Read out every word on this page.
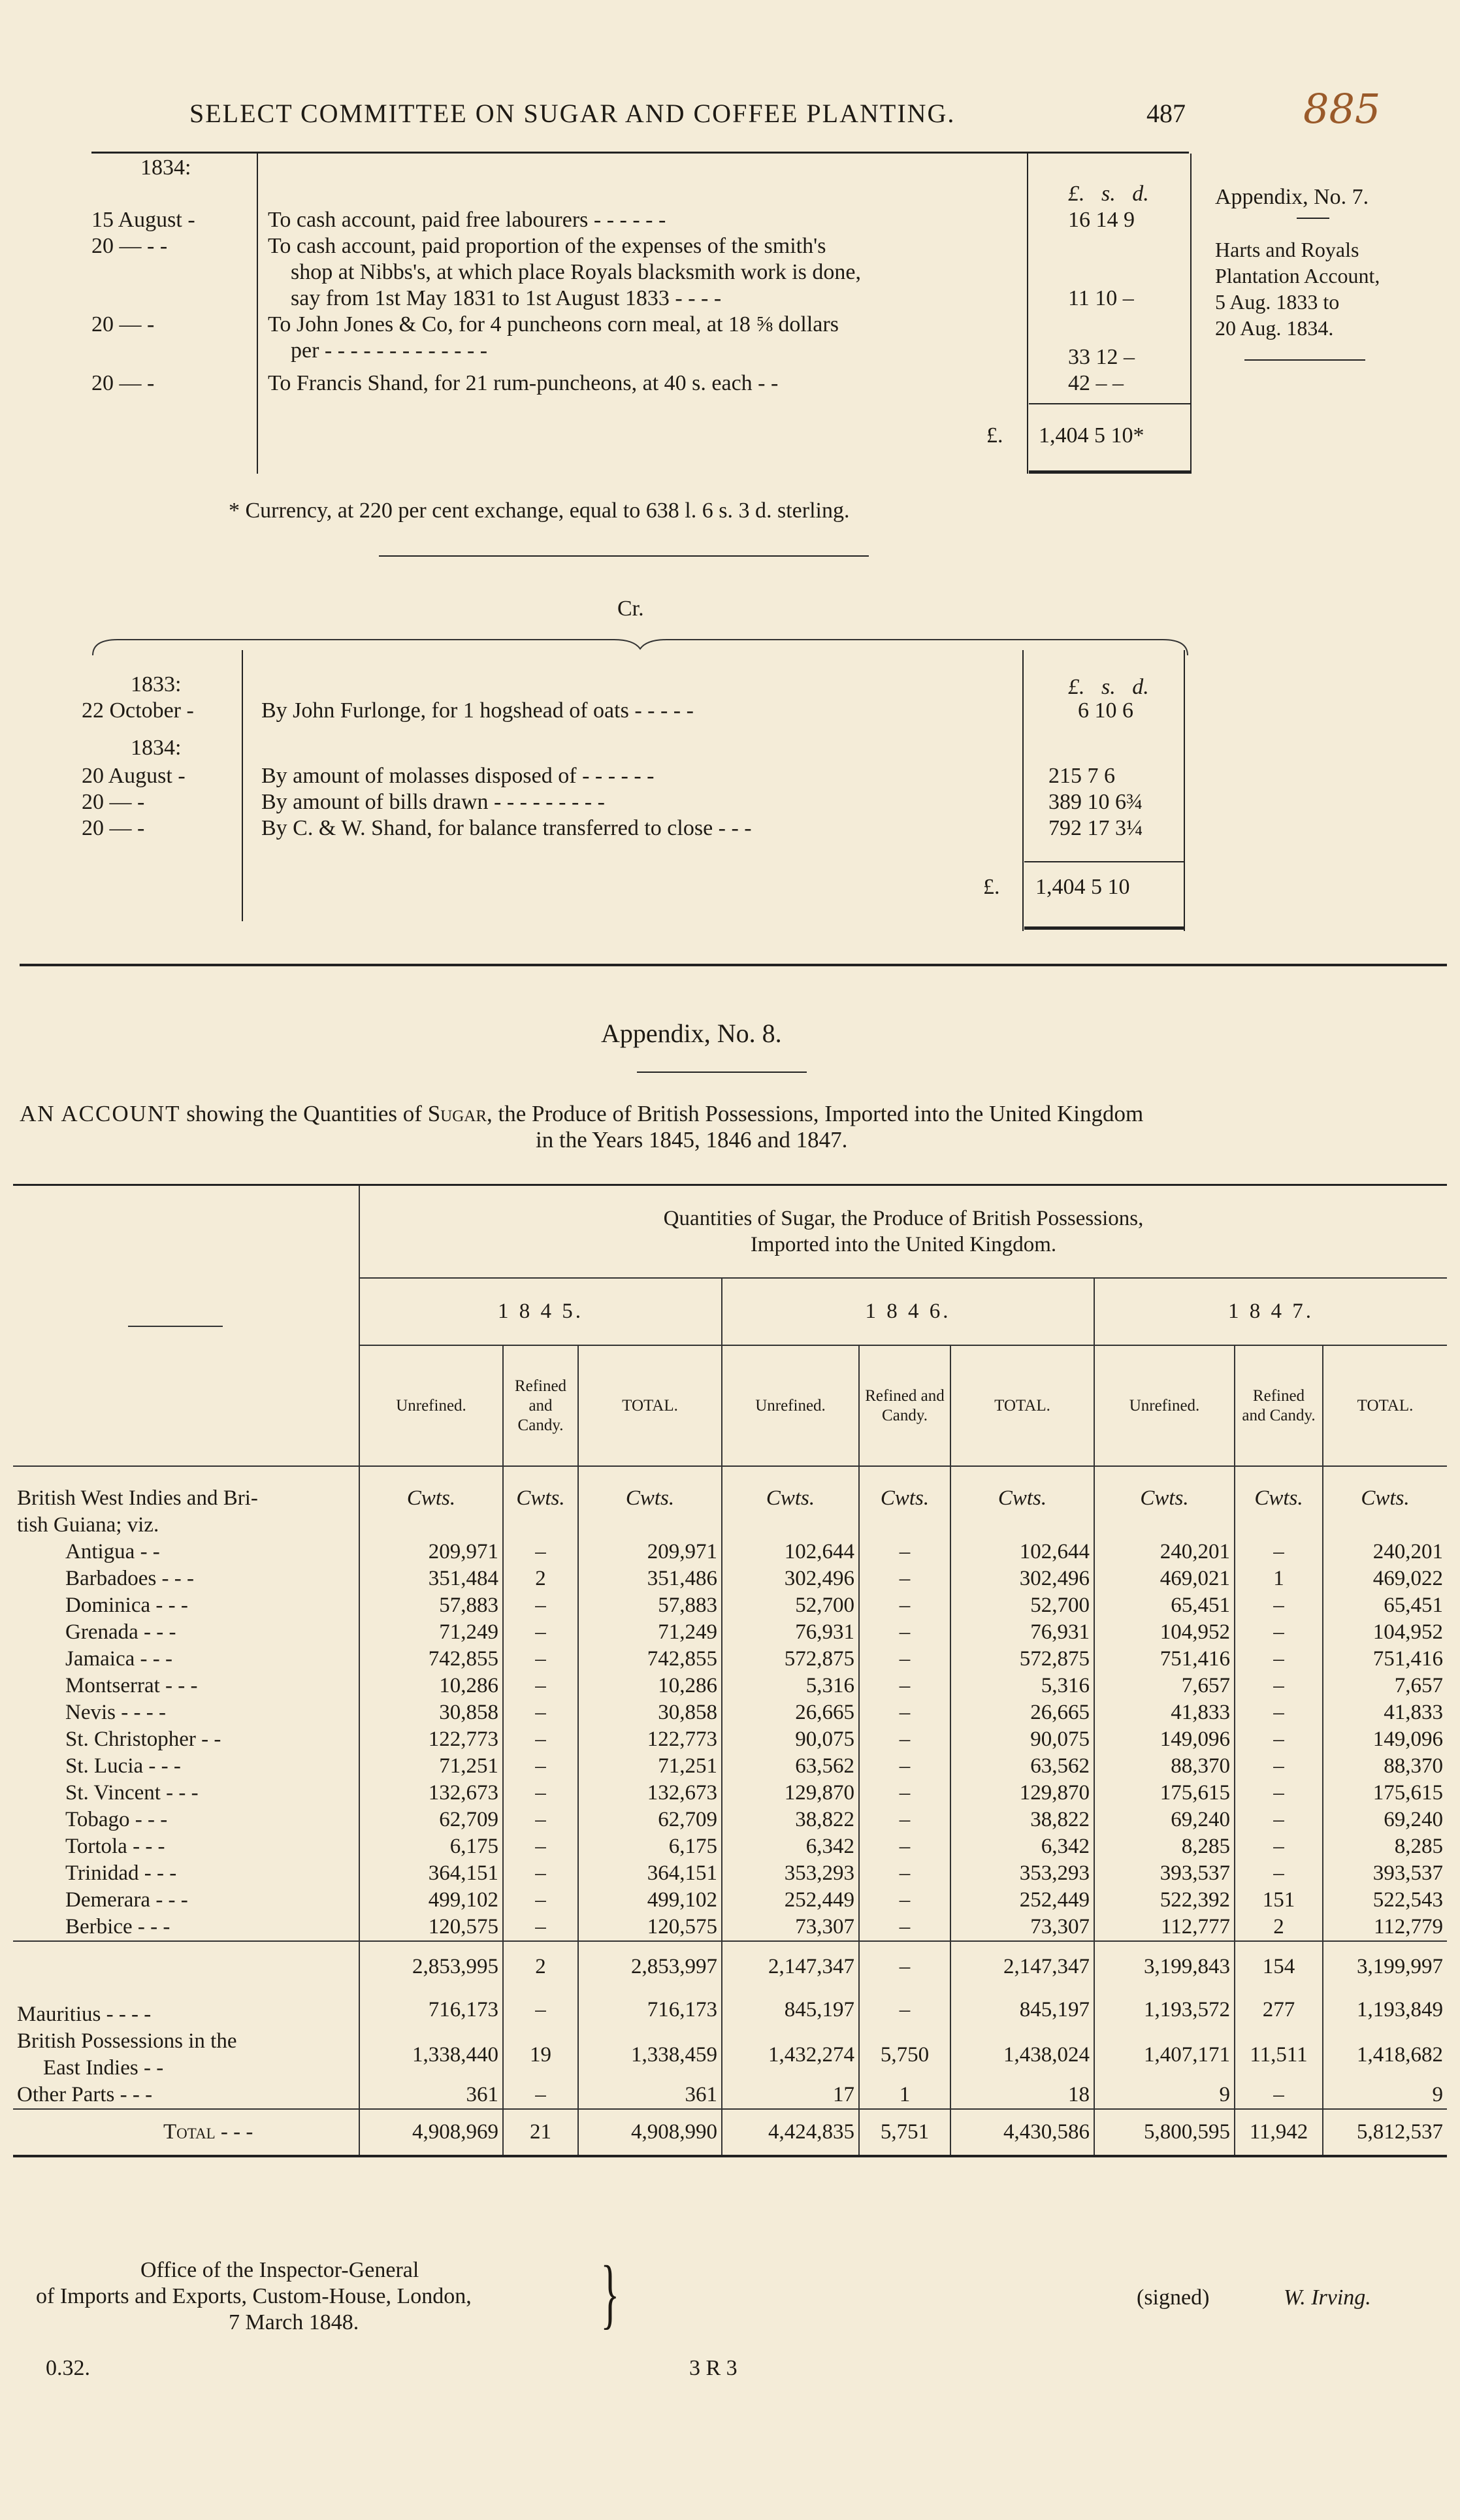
SELECT COMMITTEE ON SUGAR AND COFFEE PLANTING.	487	885
£. s. d.
1834:
15 August -	To cash account, paid free labourers - - - - - -	16 14 9
20 — - -	To cash account, paid proportion of the expenses of the smith's
shop at Nibbs's, at which place Royals blacksmith work is done,
say from 1st May 1831 to 1st August 1833 - - - -	11 10 –
20 — -	To John Jones & Co, for 4 puncheons corn meal, at 18 ⅝ dollars
per - - - - - - - - - - - - -	33 12 –
20 — -	To Francis Shand, for 21 rum-puncheons, at 40 s. each - -	42 – –
£. 1,404 5 10*
* Currency, at 220 per cent exchange, equal to 638 l. 6 s. 3 d. sterling.
Appendix, No. 7.
Harts and Royals
Plantation Account,
5 Aug. 1833 to
20 Aug. 1834.
Cr.
£. s. d.
1833:
22 October -	By John Furlonge, for 1 hogshead of oats - - - - -	6 10 6
1834:
20 August -	By amount of molasses disposed of - - - - - -	215 7 6
20 — -	By amount of bills drawn - - - - - - - - -	389 10 6¾
20 — -	By C. & W. Shand, for balance transferred to close - - -	792 17 3¼
£. 1,404 5 10
Appendix, No. 8.
AN ACCOUNT showing the Quantities of Sugar, the Produce of British Possessions, Imported into the United Kingdom
in the Years 1845, 1846 and 1847.

	Quantities of Sugar, the Produce of British Possessions,
Imported into the United Kingdom.								

	1 8 4 5.			1 8 4 6.			1 8 4 7.		
	Unrefined.	Refined and Candy.	TOTAL.	Unrefined.	Refined and Candy.	TOTAL.	Unrefined.	Refined and Candy.	TOTAL.
British West Indies and Bri-	Cwts.	Cwts.	Cwts.	Cwts.	Cwts.	Cwts.	Cwts.	Cwts.	Cwts.
tish Guiana; viz.									
Antigua - -	209,971	–	209,971	102,644	–	102,644	240,201	–	240,201
Barbadoes - - -	351,484	2	351,486	302,496	–	302,496	469,021	1	469,022
Dominica - - -	57,883	–	57,883	52,700	–	52,700	65,451	–	65,451
Grenada - - -	71,249	–	71,249	76,931	–	76,931	104,952	–	104,952
Jamaica - - -	742,855	–	742,855	572,875	–	572,875	751,416	–	751,416
Montserrat - - -	10,286	–	10,286	5,316	–	5,316	7,657	–	7,657
Nevis - - - -	30,858	–	30,858	26,665	–	26,665	41,833	–	41,833
St. Christopher - -	122,773	–	122,773	90,075	–	90,075	149,096	–	149,096
St. Lucia - - -	71,251	–	71,251	63,562	–	63,562	88,370	–	88,370
St. Vincent - - -	132,673	–	132,673	129,870	–	129,870	175,615	–	175,615
Tobago - - -	62,709	–	62,709	38,822	–	38,822	69,240	–	69,240
Tortola - - -	6,175	–	6,175	6,342	–	6,342	8,285	–	8,285
Trinidad - - -	364,151	–	364,151	353,293	–	353,293	393,537	–	393,537
Demerara - - -	499,102	–	499,102	252,449	–	252,449	522,392	151	522,543
Berbice - - -	120,575	–	120,575	73,307	–	73,307	112,777	2	112,779
	2,853,995	2	2,853,997	2,147,347	–	2,147,347	3,199,843	154	3,199,997

Mauritius - - - -	716,173	–	716,173	845,197	–	845,197	1,193,572	277	1,193,849

British Possessions in the
East Indies - -	1,338,440	19	1,338,459	1,432,274	5,750	1,438,024	1,407,171	11,511	1,418,682

Other Parts - - -	361	–	361	17	1	18	9	–	9
Total - - -	4,908,969	21	4,908,990	4,424,835	5,751	4,430,586	5,800,595	11,942	5,812,537
Office of the Inspector-General
of Imports and Exports, Custom-House, London,
7 March 1848.	}	(signed)	W. Irving.
0.32.	3 R 3
